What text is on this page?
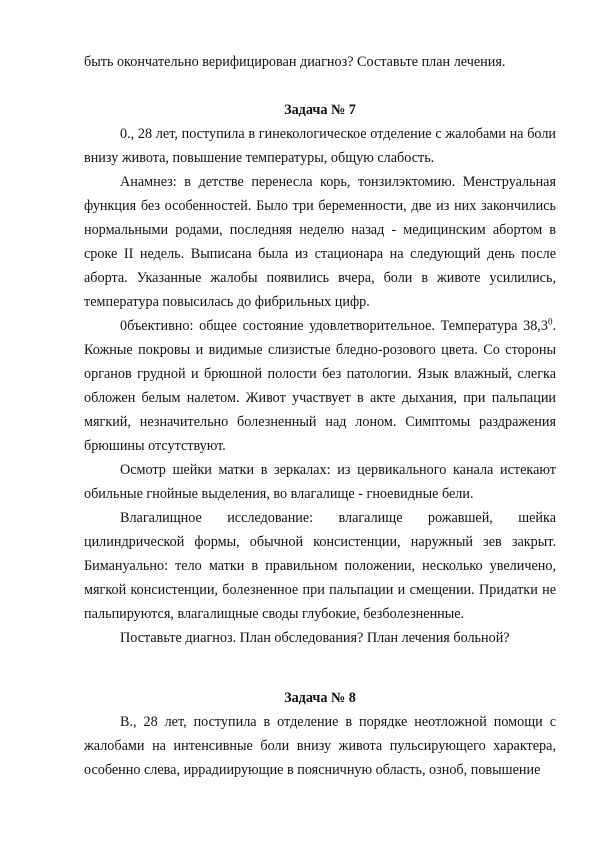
быть окончательно верифицирован диагноз? Составьте план лечения.

Задача № 7

0., 28 лет, поступила в гинекологическое отделение с жалобами на боли внизу живота, повышение температуры, общую слабость.

Анамнез: в детстве перенесла корь, тонзилэктомию. Менструальная функция без особенностей. Было три беременности, две из них закончились нормальными родами, последняя неделю назад - медицинским абортом в сроке II недель. Выписана была из стационара на следующий день после аборта. Указанные жалобы появились вчера, боли в животе усилились, температура повысилась до фибрильных цифр.

0бъективно: общее состояние удовлетворительное. Температура 38,3$^0$. Кожные покровы и видимые слизистые бледно-розового цвета. Со стороны органов грудной и брюшной полости без патологии. Язык влажный, слегка обложен белым налетом. Живот участвует в акте дыхания, при пальпации мягкий, незначительно болезненный над лоном. Симптомы раздражения брюшины отсутствуют.

Осмотр шейки матки в зеркалах: из цервикального канала истекают обильные гнойные выделения, во влагалище - гноевидные бели.

Влагалищное исследование: влагалище рожавшей, шейка цилиндрической формы, обычной консистенции, наружный зев закрыт. Бимануально: тело матки в правильном положении, несколько увеличено, мягкой консистенции, болезненное при пальпации и смещении. Придатки не пальпируются, влагалищные своды глубокие, безболезненные.

Поставьте диагноз. План обследования? План лечения больной?

Задача № 8

В., 28 лет, поступила в отделение в порядке неотложной помощи с жалобами на интенсивные боли внизу живота пульсирующего характера, особенно слева, иррадиирующие в поясничную область, озноб, повышение
